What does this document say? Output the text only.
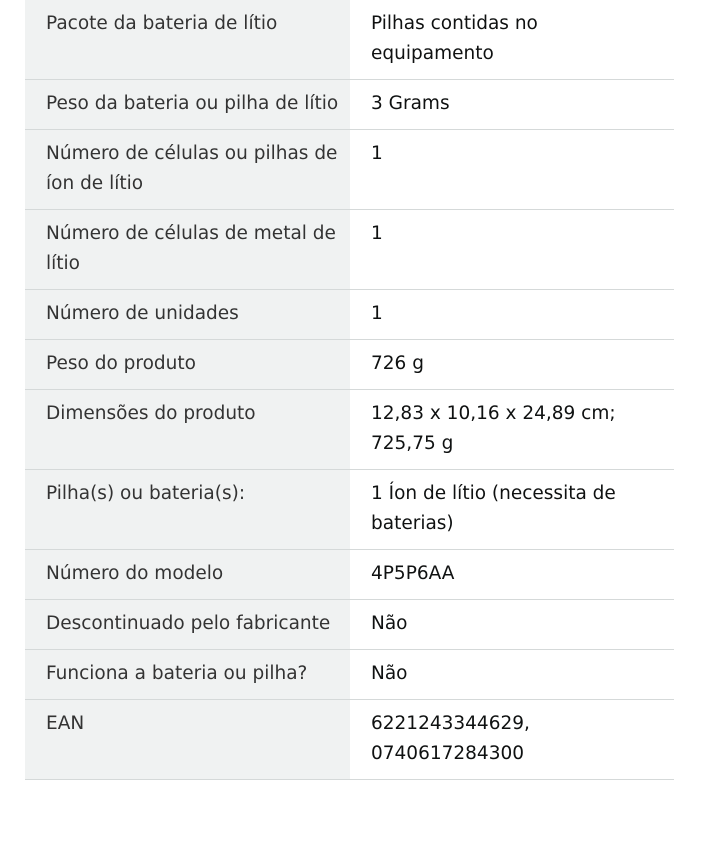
Pacote da bateria de lítio	Pilhas contidas no equipamento
Peso da bateria ou pilha de lítio	3 Grams
Número de células ou pilhas de íon de lítio	1
Número de células de metal de lítio	1
Número de unidades	1
Peso do produto	726 g
Dimensões do produto	12,83 x 10,16 x 24,89 cm; 725,75 g
Pilha(s) ou bateria(s):	1 Íon de lítio (necessita de baterias)
Número do modelo	4P5P6AA
Descontinuado pelo fabricante	Não
Funciona a bateria ou pilha?	Não
EAN	6221243344629, 0740617284300
